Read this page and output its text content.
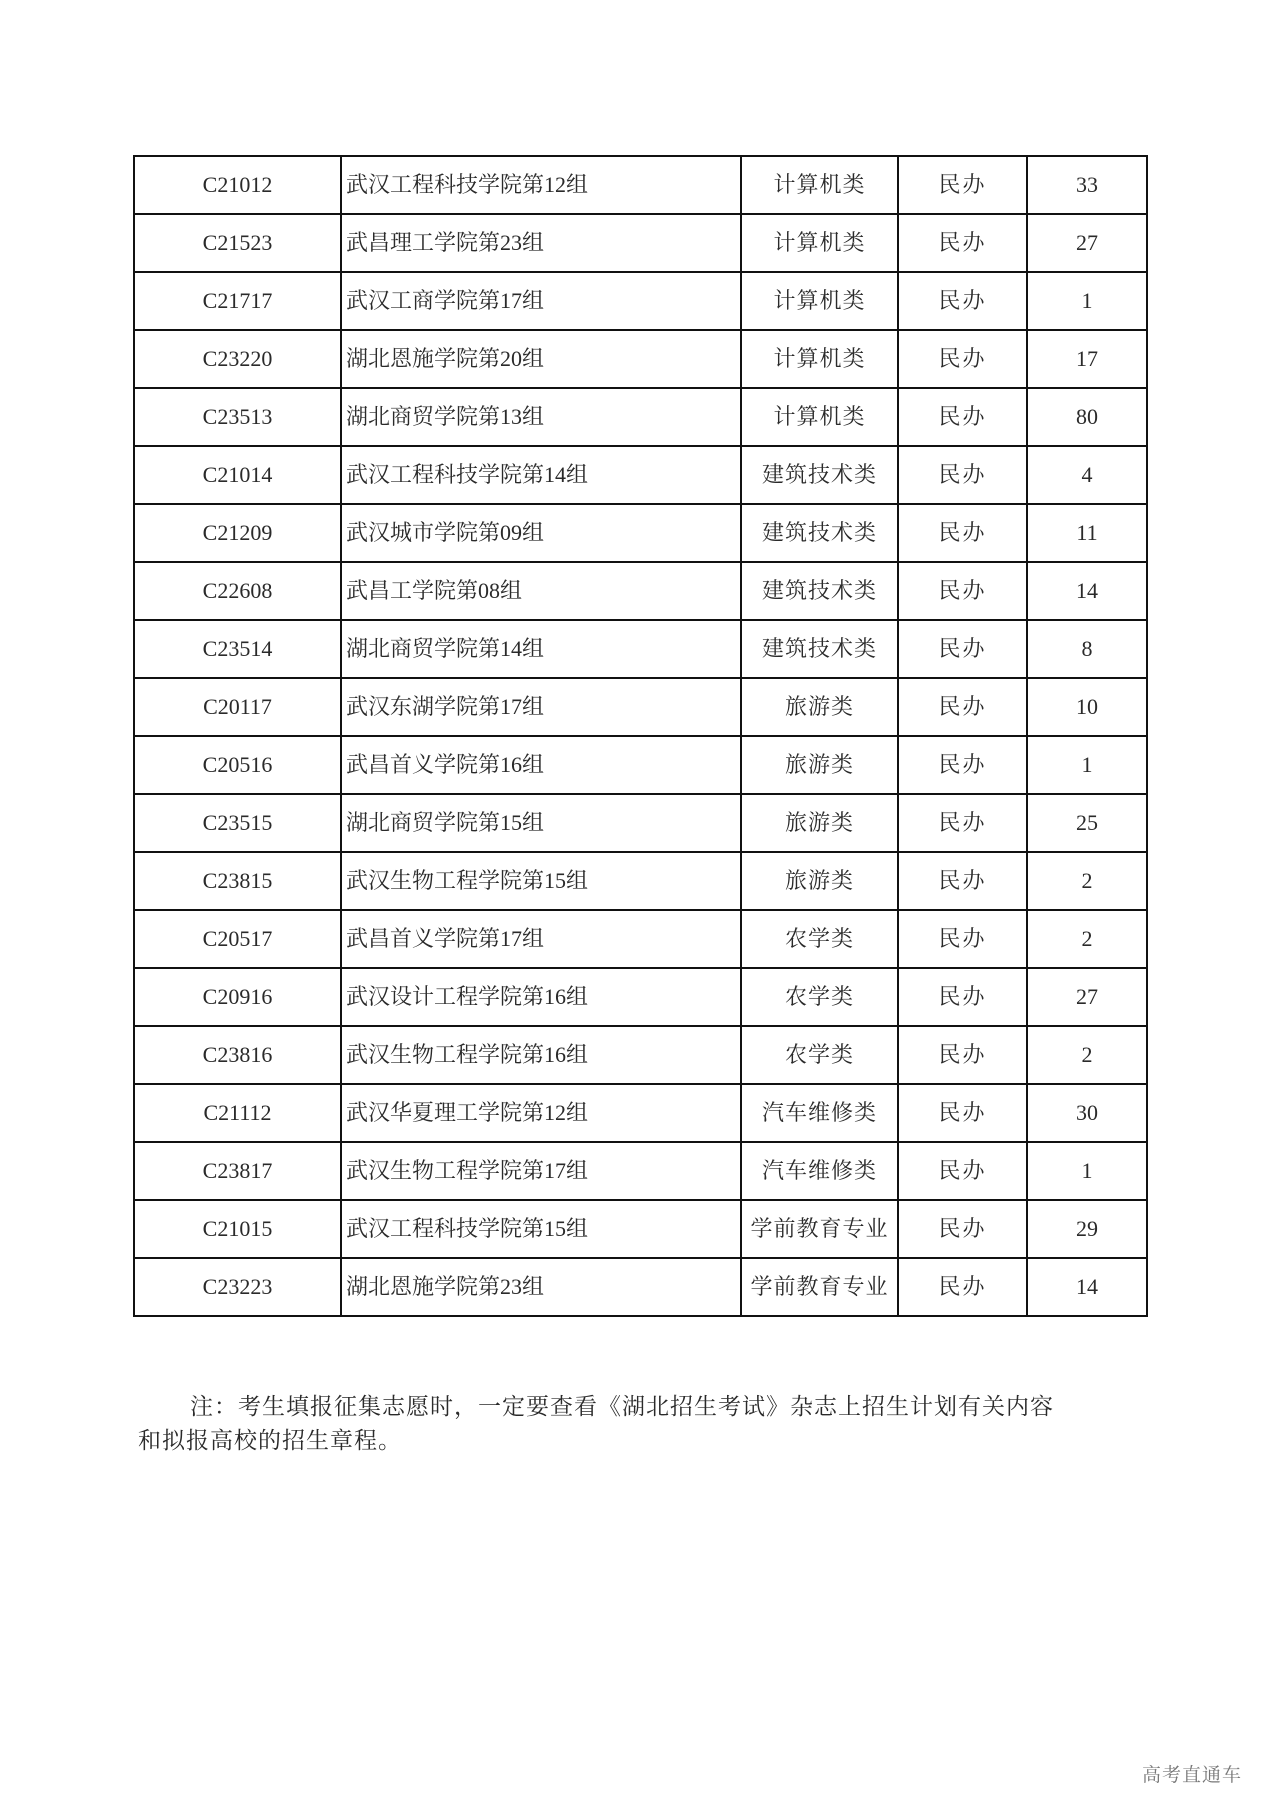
C21012	武汉工程科技学院第12组	计算机类	民办	33
C21523	武昌理工学院第23组	计算机类	民办	27
C21717	武汉工商学院第17组	计算机类	民办	1
C23220	湖北恩施学院第20组	计算机类	民办	17
C23513	湖北商贸学院第13组	计算机类	民办	80
C21014	武汉工程科技学院第14组	建筑技术类	民办	4
C21209	武汉城市学院第09组	建筑技术类	民办	11
C22608	武昌工学院第08组	建筑技术类	民办	14
C23514	湖北商贸学院第14组	建筑技术类	民办	8
C20117	武汉东湖学院第17组	旅游类	民办	10
C20516	武昌首义学院第16组	旅游类	民办	1
C23515	湖北商贸学院第15组	旅游类	民办	25
C23815	武汉生物工程学院第15组	旅游类	民办	2
C20517	武昌首义学院第17组	农学类	民办	2
C20916	武汉设计工程学院第16组	农学类	民办	27
C23816	武汉生物工程学院第16组	农学类	民办	2
C21112	武汉华夏理工学院第12组	汽车维修类	民办	30
C23817	武汉生物工程学院第17组	汽车维修类	民办	1
C21015	武汉工程科技学院第15组	学前教育专业	民办	29
C23223	湖北恩施学院第23组	学前教育专业	民办	14
注：考生填报征集志愿时，一定要查看《湖北招生考试》杂志上招生计划有关内容
和拟报高校的招生章程。
高考直通车
